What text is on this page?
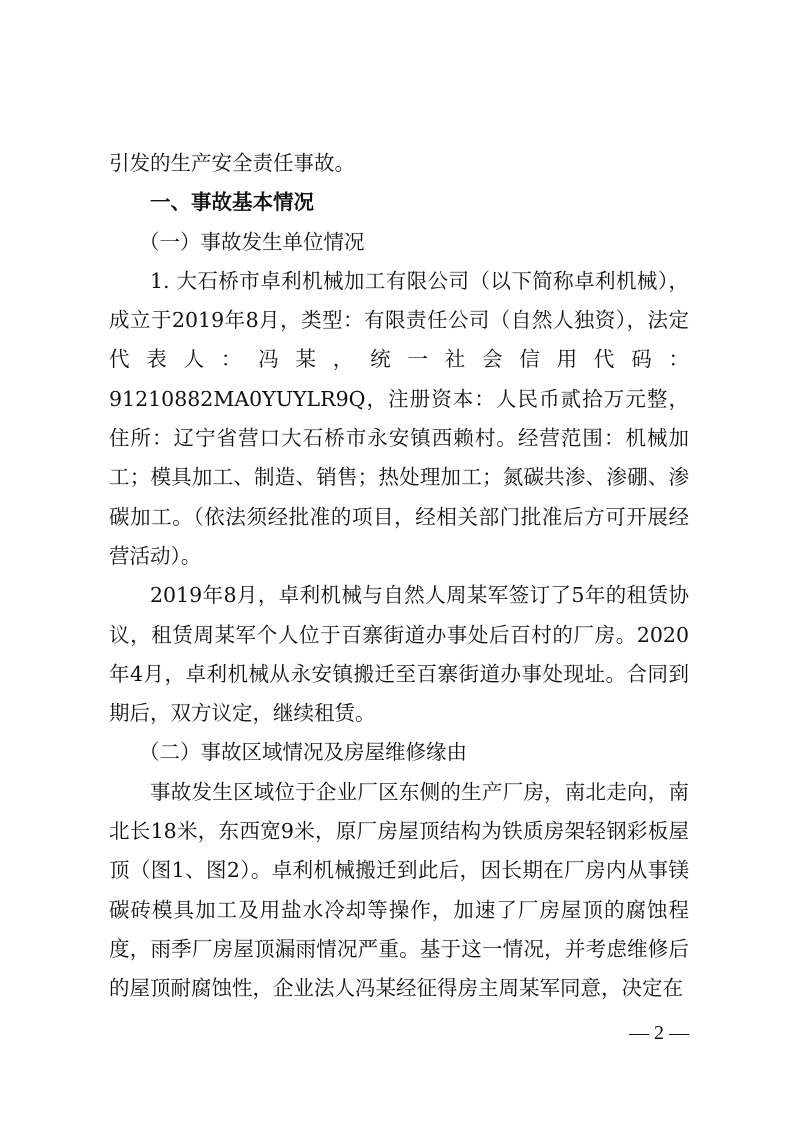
引发的生产安全责任事故。

一、事故基本情况

（一）事故发生单位情况

1. 大石桥市卓利机械加工有限公司（以下简称卓利机械），成立于2019年8月，类型：有限责任公司（自然人独资），法定代表人：冯某，统一社会信用代码：91210882MA0YUYLR9Q，注册资本：人民币贰拾万元整，住所：辽宁省营口大石桥市永安镇西赖村。经营范围：机械加工；模具加工、制造、销售；热处理加工；氮碳共渗、渗硼、渗碳加工。（依法须经批准的项目，经相关部门批准后方可开展经营活动）。

2019年8月，卓利机械与自然人周某军签订了5年的租赁协议，租赁周某军个人位于百寨街道办事处后百村的厂房。2020年4月，卓利机械从永安镇搬迁至百寨街道办事处现址。合同到期后，双方议定，继续租赁。

（二）事故区域情况及房屋维修缘由

事故发生区域位于企业厂区东侧的生产厂房，南北走向，南北长18米，东西宽9米，原厂房屋顶结构为铁质房架轻钢彩板屋顶（图1、图2）。卓利机械搬迁到此后，因长期在厂房内从事镁碳砖模具加工及用盐水冷却等操作，加速了厂房屋顶的腐蚀程度，雨季厂房屋顶漏雨情况严重。基于这一情况，并考虑维修后的屋顶耐腐蚀性，企业法人冯某经征得房主周某军同意，决定在

— 2 —
